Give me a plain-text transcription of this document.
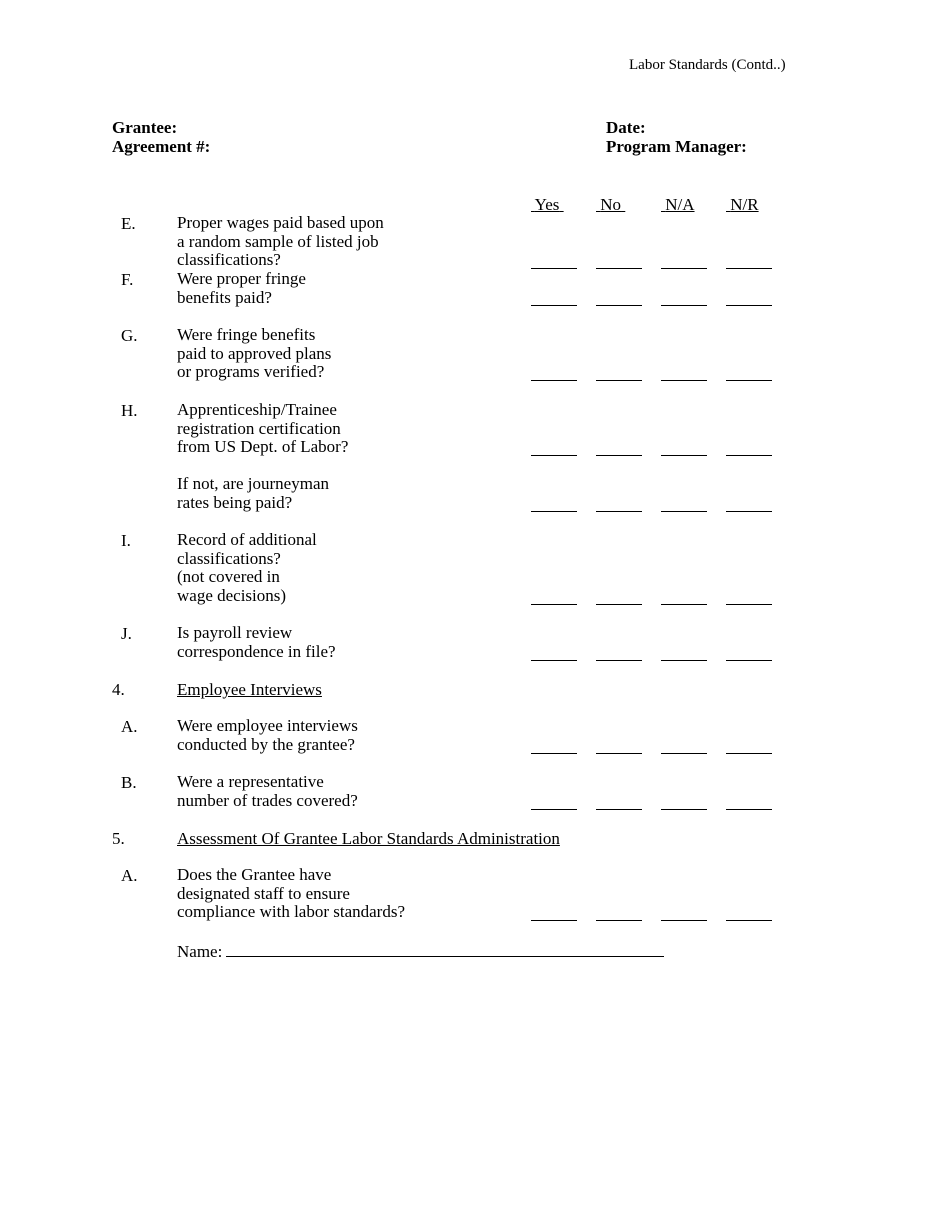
Labor Standards (Contd..)
Grantee:
Agreement #:
Date:
Program Manager:
Yes No	N/A N/R
E. Proper wages paid based upon
a random sample of listed job
classifications?
F.	Were proper fringe
benefits paid?
G. Were fringe benefits
paid to approved plans
or programs verified?
H. Apprenticeship/Trainee
registration certification
from US Dept. of Labor?
If not, are journeyman
rates being paid?
I.	Record of additional
classifications?
(not covered in
wage decisions)
J.	Is payroll review
correspondence in file?
4.	Employee Interviews
A. Were employee interviews
conducted by the grantee?
B. Were a representative
number of trades covered?
5.	Assessment Of Grantee Labor Standards Administration
A. Does the Grantee have
designated staff to ensure
compliance with labor standards?
Name:
